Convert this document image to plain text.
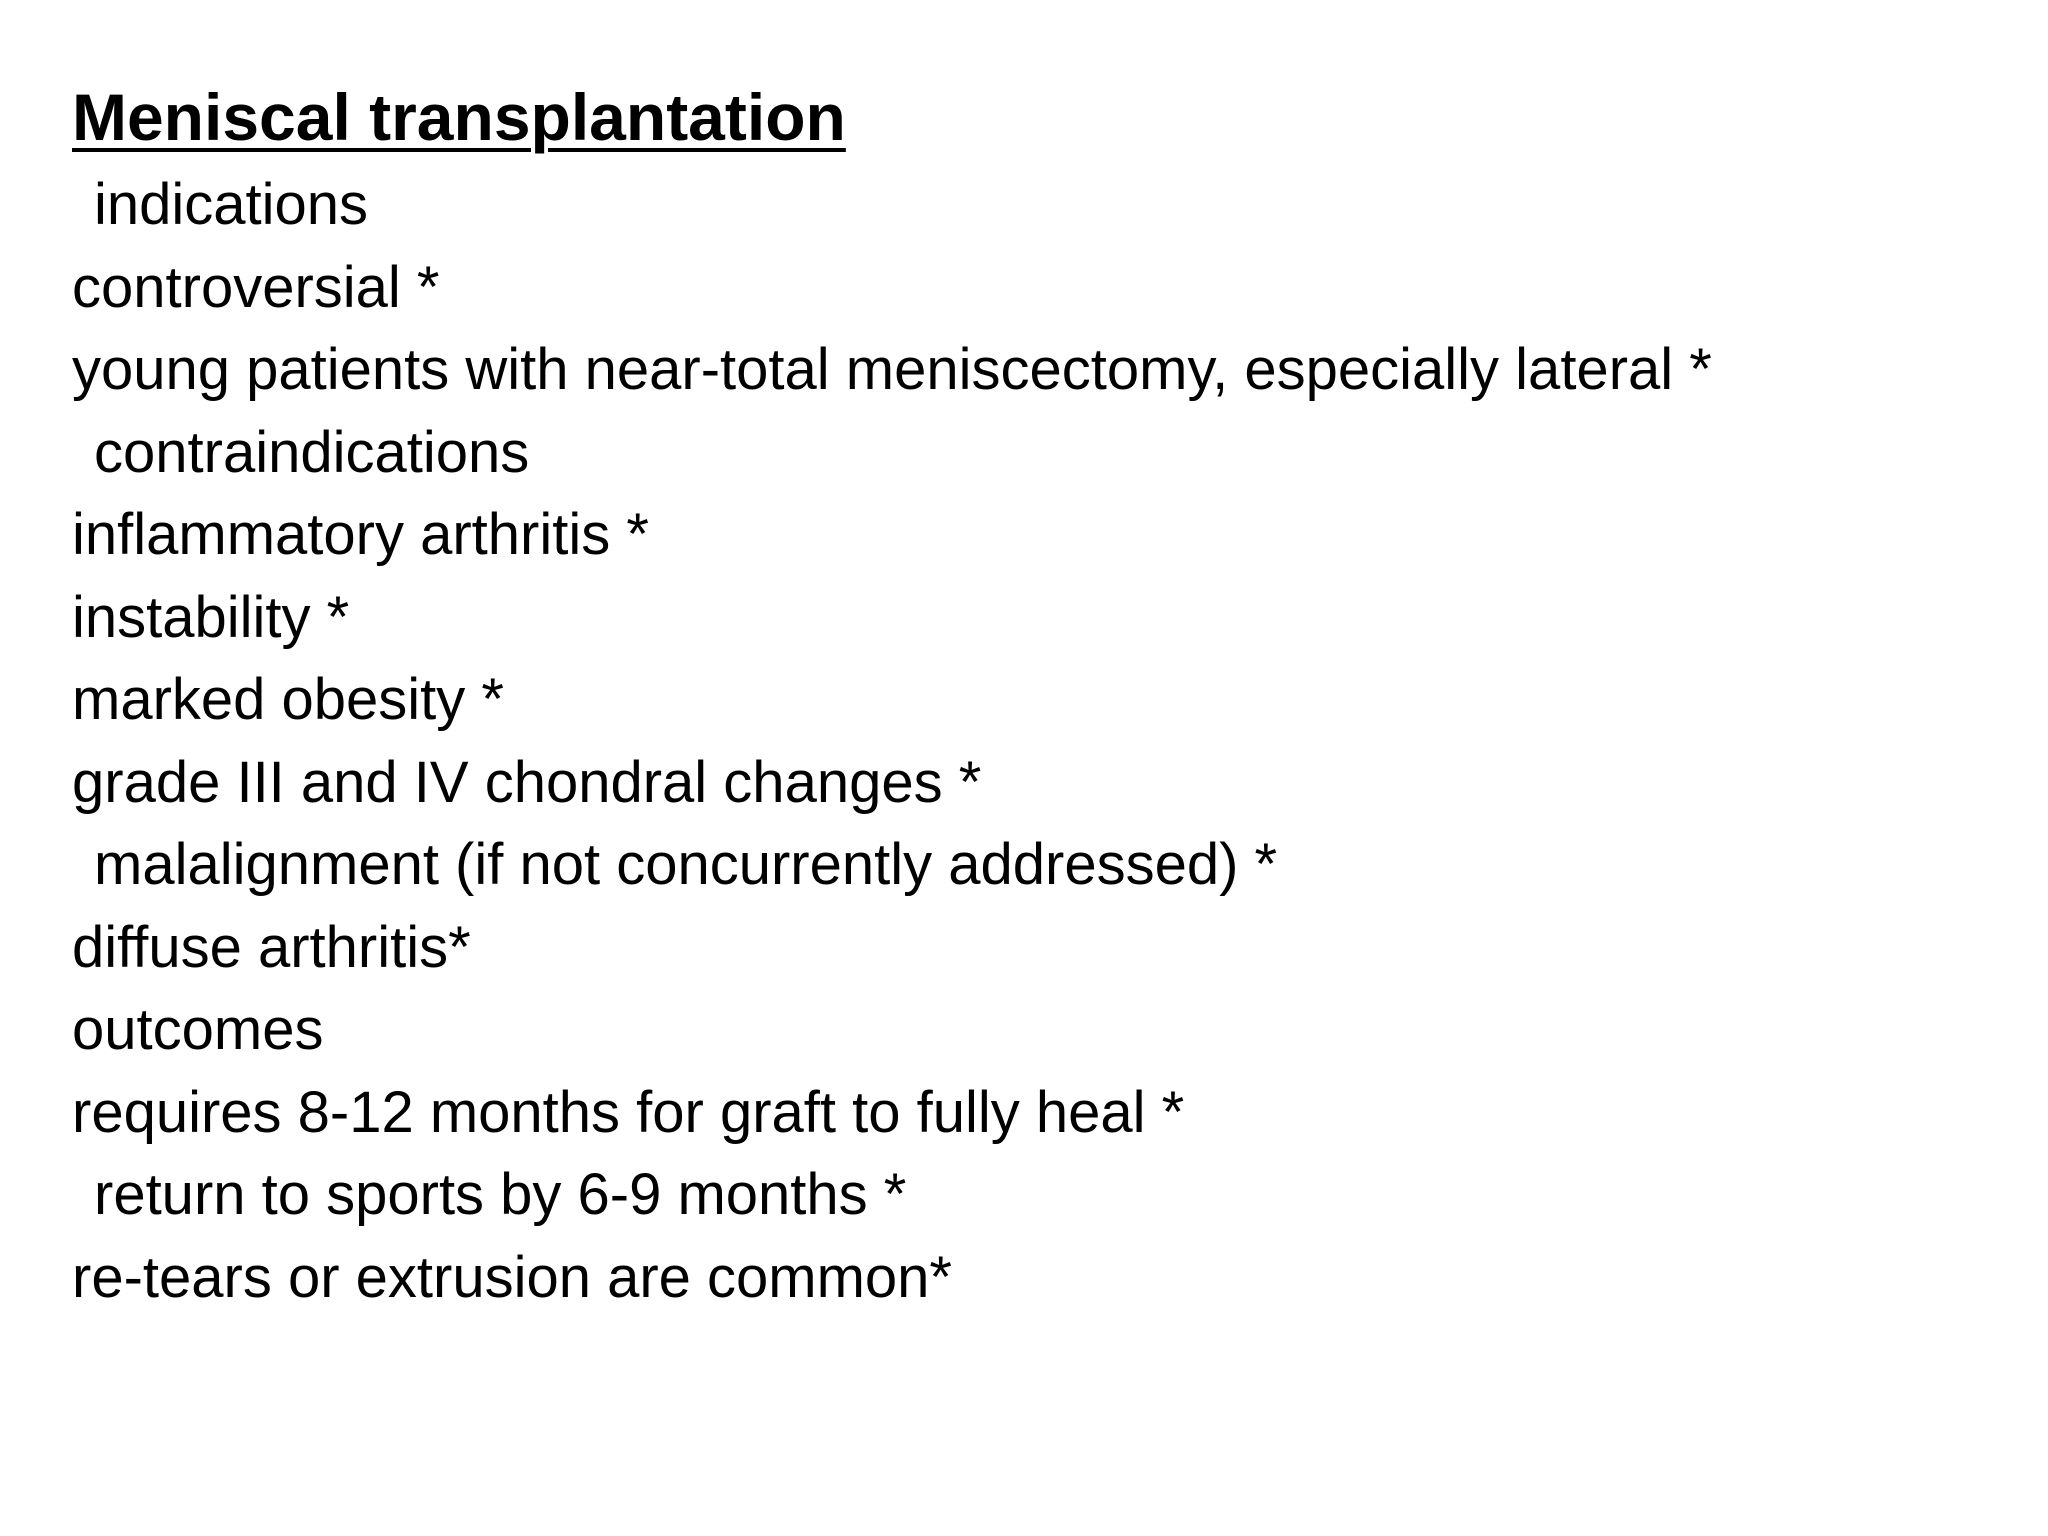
Meniscal transplantation
indications
controversial *
young patients with near-total meniscectomy, especially lateral *
contraindications
inflammatory arthritis *
instability *
marked obesity *
grade III and IV chondral changes *
malalignment (if not concurrently addressed) *
diffuse arthritis*
outcomes
requires 8-12 months for graft to fully heal *
return to sports by 6-9 months *
re-tears or extrusion are common*
